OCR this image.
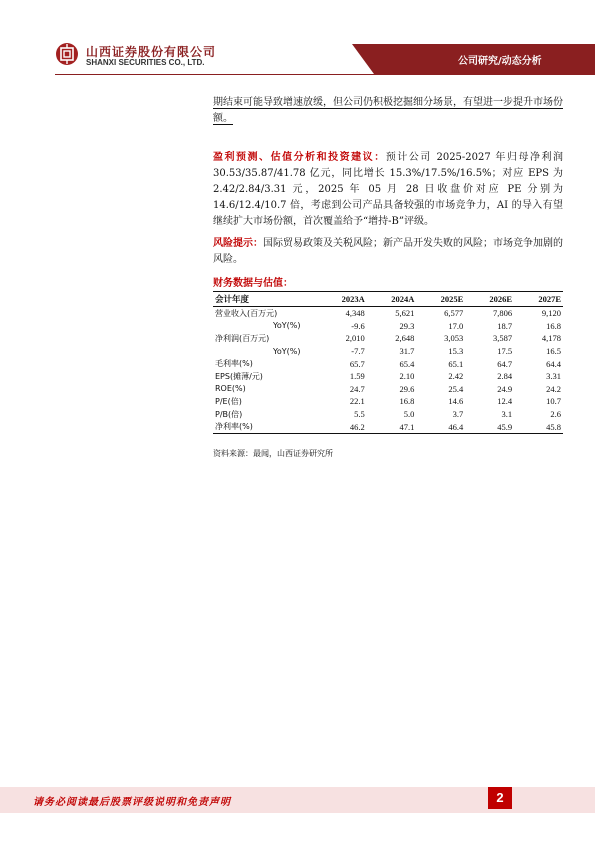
山西证券股份有限公司
SHANXI SECURITIES CO., LTD.	公司研究/动态分析
期结束可能导致增速放缓，但公司仍积极挖掘细分场景，有望进一步提升市场份额。
盈利预测、估值分析和投资建议：预计公司 2025-2027 年归母净利润 30.53/35.87/41.78 亿元，同比增长 15.3%/17.5%/16.5%；对应 EPS 为 2.42/2.84/3.31 元，2025 年 05 月 28 日收盘价对应 PE 分别为 14.6/12.4/10.7 倍，考虑到公司产品具备较强的市场竞争力，AI 的导入有望继续扩大市场份额，首次覆盖给予“增持-B”评级。
风险提示：国际贸易政策及关税风险；新产品开发失败的风险；市场竞争加剧的风险。
财务数据与估值：
会计年度	2023A	2024A	2025E	2026E	2027E
营业收入(百万元)	4,348	5,621	6,577	7,806	9,120
YoY(%)	-9.6	29.3	17.0	18.7	16.8
净利润(百万元)	2,010	2,648	3,053	3,587	4,178
YoY(%)	-7.7	31.7	15.3	17.5	16.5
毛利率(%)	65.7	65.4	65.1	64.7	64.4
EPS(摊薄/元)	1.59	2.10	2.42	2.84	3.31
ROE(%)	24.7	29.6	25.4	24.9	24.2
P/E(倍)	22.1	16.8	14.6	12.4	10.7
P/B(倍)	5.5	5.0	3.7	3.1	2.6
净利率(%)	46.2	47.1	46.4	45.9	45.8
资料来源：最闻，山西证券研究所
请务必阅读最后股票评级说明和免责声明	2
